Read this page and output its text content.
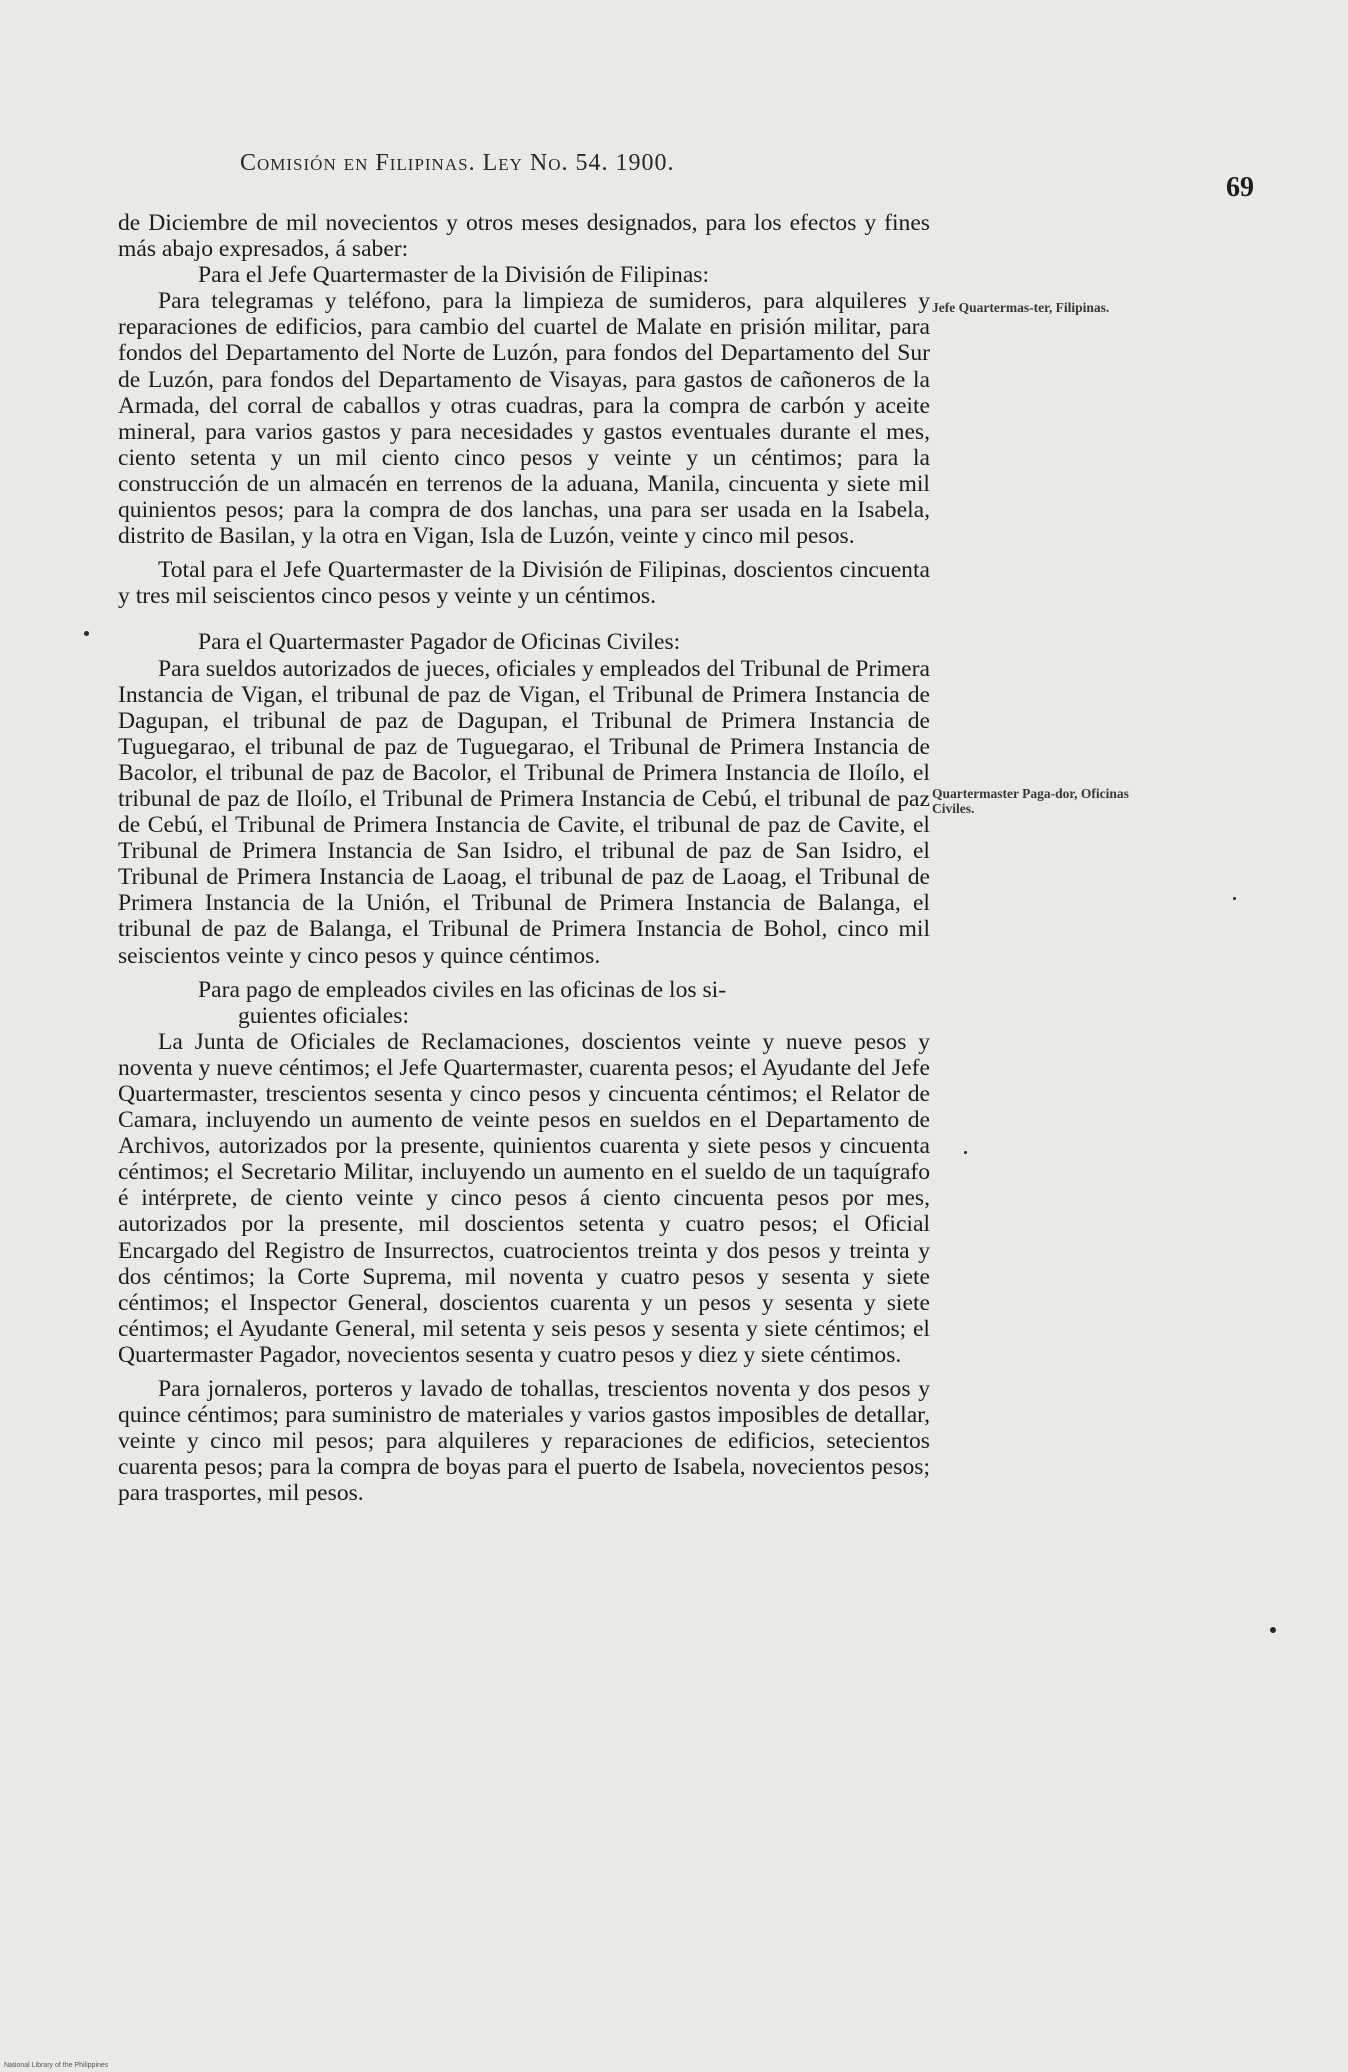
Comisión en Filipinas. Ley No. 54. 1900.
69

de Diciembre de mil novecientos y otros meses designados, para los efectos y fines más abajo expresados, á saber:

Para el Jefe Quartermaster de la División de Filipinas:

Para telegramas y teléfono, para la limpieza de sumideros, para alquileres y reparaciones de edificios, para cambio del cuartel de Malate en prisión militar, para fondos del Departamento del Norte de Luzón, para fondos del Departamento del Sur de Luzón, para fondos del Departamento de Visayas, para gastos de cañoneros de la Armada, del corral de caballos y otras cuadras, para la compra de carbón y aceite mineral, para varios gastos y para necesidades y gastos eventuales durante el mes, ciento setenta y un mil ciento cinco pesos y veinte y un céntimos; para la construcción de un almacén en terrenos de la aduana, Manila, cincuenta y siete mil quinientos pesos; para la compra de dos lanchas, una para ser usada en la Isabela, distrito de Basilan, y la otra en Vigan, Isla de Luzón, veinte y cinco mil pesos.

Total para el Jefe Quartermaster de la División de Filipinas, doscientos cincuenta y tres mil seiscientos cinco pesos y veinte y un céntimos.

Para el Quartermaster Pagador de Oficinas Civiles:

Para sueldos autorizados de jueces, oficiales y empleados del Tribunal de Primera Instancia de Vigan, el tribunal de paz de Vigan, el Tribunal de Primera Instancia de Dagupan, el tribunal de paz de Dagupan, el Tribunal de Primera Instancia de Tuguegarao, el tribunal de paz de Tuguegarao, el Tribunal de Primera Instancia de Bacolor, el tribunal de paz de Bacolor, el Tribunal de Primera Instancia de Iloílo, el tribunal de paz de Iloílo, el Tribunal de Primera Instancia de Cebú, el tribunal de paz de Cebú, el Tribunal de Primera Instancia de Cavite, el tribunal de paz de Cavite, el Tribunal de Primera Instancia de San Isidro, el tribunal de paz de San Isidro, el Tribunal de Primera Instancia de Laoag, el tribunal de paz de Laoag, el Tribunal de Primera Instancia de la Unión, el Tribunal de Primera Instancia de Balanga, el tribunal de paz de Balanga, el Tribunal de Primera Instancia de Bohol, cinco mil seiscientos veinte y cinco pesos y quince céntimos.

Para pago de empleados civiles en las oficinas de los si-

guientes oficiales:

La Junta de Oficiales de Reclamaciones, doscientos veinte y nueve pesos y noventa y nueve céntimos; el Jefe Quartermaster, cuarenta pesos; el Ayudante del Jefe Quartermaster, trescientos sesenta y cinco pesos y cincuenta céntimos; el Relator de Camara, incluyendo un aumento de veinte pesos en sueldos en el Departamento de Archivos, autorizados por la presente, quinientos cuarenta y siete pesos y cincuenta céntimos; el Secretario Militar, incluyendo un aumento en el sueldo de un taquígrafo é intérprete, de ciento veinte y cinco pesos á ciento cincuenta pesos por mes, autorizados por la presente, mil doscientos setenta y cuatro pesos; el Oficial Encargado del Registro de Insurrectos, cuatrocientos treinta y dos pesos y treinta y dos céntimos; la Corte Suprema, mil noventa y cuatro pesos y sesenta y siete céntimos; el Inspector General, doscientos cuarenta y un pesos y sesenta y siete céntimos; el Ayudante General, mil setenta y seis pesos y sesenta y siete céntimos; el Quartermaster Pagador, novecientos sesenta y cuatro pesos y diez y siete céntimos.

Para jornaleros, porteros y lavado de tohallas, trescientos noventa y dos pesos y quince céntimos; para suministro de materiales y varios gastos imposibles de detallar, veinte y cinco mil pesos; para alquileres y reparaciones de edificios, setecientos cuarenta pesos; para la compra de boyas para el puerto de Isabela, novecientos pesos; para trasportes, mil pesos.

Jefe Quartermas-ter, Filipinas.
Quartermaster Paga-dor, Oficinas Civiles.
National Library of the Philippines
